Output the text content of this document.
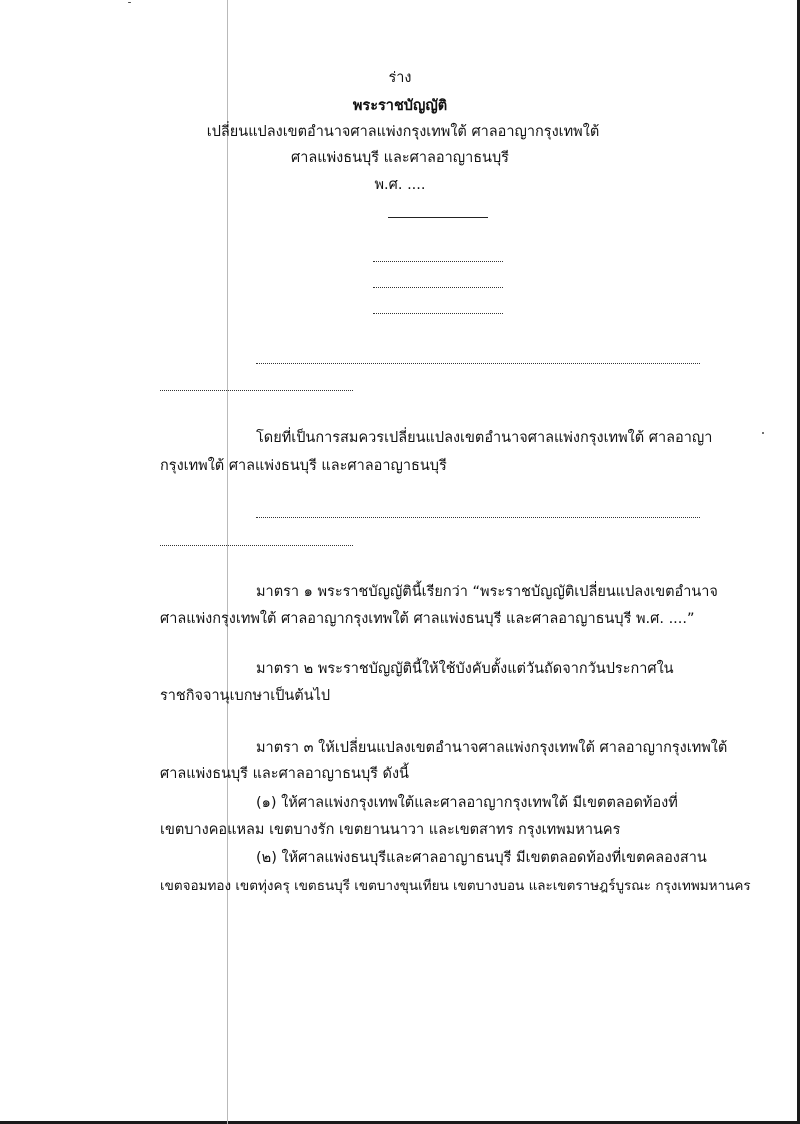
ร่าง
พระราชบัญญัติ
เปลี่ยนแปลงเขตอำนาจศาลแพ่งกรุงเทพใต้ ศาลอาญากรุงเทพใต้
ศาลแพ่งธนบุรี และศาลอาญาธนบุรี
พ.ศ. ....
โดยที่เป็นการสมควรเปลี่ยนแปลงเขตอำนาจศาลแพ่งกรุงเทพใต้ ศาลอาญา
กรุงเทพใต้ ศาลแพ่งธนบุรี และศาลอาญาธนบุรี
มาตรา ๑ พระราชบัญญัตินี้เรียกว่า “พระราชบัญญัติเปลี่ยนแปลงเขตอำนาจ
ศาลแพ่งกรุงเทพใต้ ศาลอาญากรุงเทพใต้ ศาลแพ่งธนบุรี และศาลอาญาธนบุรี พ.ศ. ....”
มาตรา ๒ พระราชบัญญัตินี้ให้ใช้บังคับตั้งแต่วันถัดจากวันประกาศใน
ราชกิจจานุเบกษาเป็นต้นไป
มาตรา ๓ ให้เปลี่ยนแปลงเขตอำนาจศาลแพ่งกรุงเทพใต้ ศาลอาญากรุงเทพใต้
ศาลแพ่งธนบุรี และศาลอาญาธนบุรี ดังนี้
(๑) ให้ศาลแพ่งกรุงเทพใต้และศาลอาญากรุงเทพใต้ มีเขตตลอดท้องที่
เขตบางคอแหลม เขตบางรัก เขตยานนาวา และเขตสาทร กรุงเทพมหานคร
(๒) ให้ศาลแพ่งธนบุรีและศาลอาญาธนบุรี มีเขตตลอดท้องที่เขตคลองสาน
เขตจอมทอง เขตทุ่งครุ เขตธนบุรี เขตบางขุนเทียน เขตบางบอน และเขตราษฎร์บูรณะ กรุงเทพมหานคร
